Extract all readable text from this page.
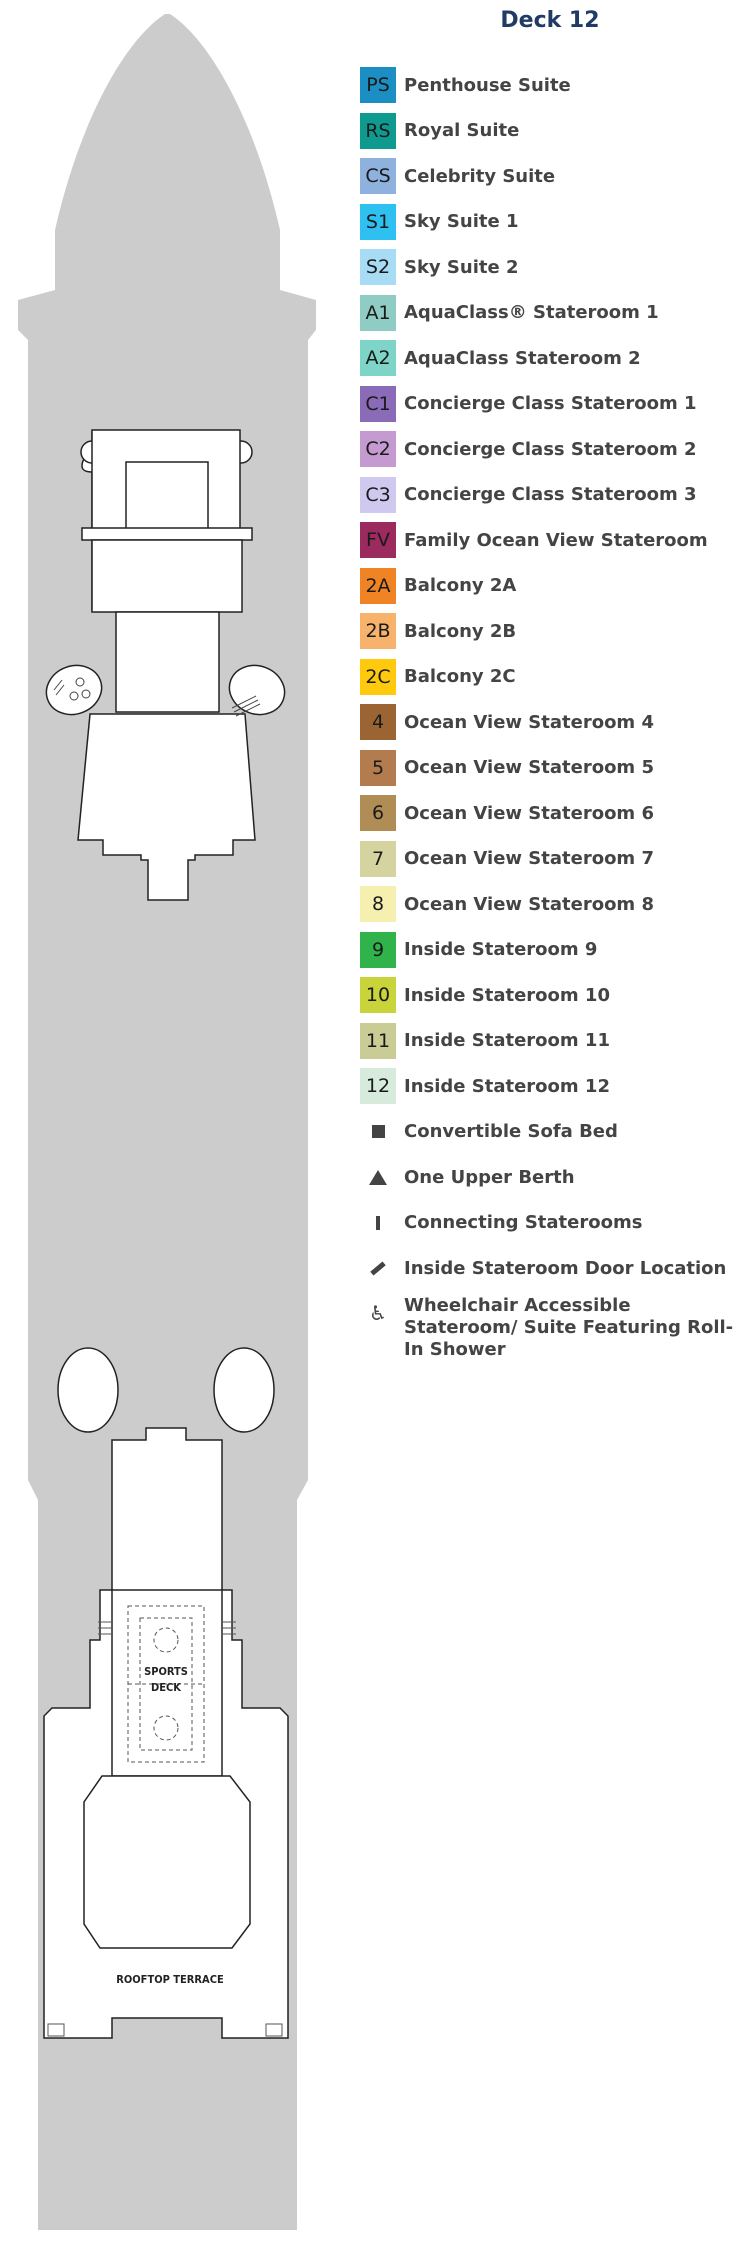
SPORTS
DECK
ROOFTOP TERRACE
Deck 12
PS Penthouse Suite
RS Royal Suite
CS Celebrity Suite
S1 Sky Suite 1
S2 Sky Suite 2
A1 AquaClass® Stateroom 1
A2 AquaClass Stateroom 2
C1 Concierge Class Stateroom 1
C2 Concierge Class Stateroom 2
C3 Concierge Class Stateroom 3
FV Family Ocean View Stateroom
2A Balcony 2A
2B Balcony 2B
2C Balcony 2C
4	Ocean View Stateroom 4
5	Ocean View Stateroom 5
6	Ocean View Stateroom 6
7	Ocean View Stateroom 7
8	Ocean View Stateroom 8
9	Inside Stateroom 9
10 Inside Stateroom 10
11 Inside Stateroom 11
12 Inside Stateroom 12
Convertible Sofa Bed
One Upper Berth
Connecting Staterooms
Inside Stateroom Door Location
♿ Wheelchair Accessible Stateroom/ Suite Featuring Roll-In Shower
